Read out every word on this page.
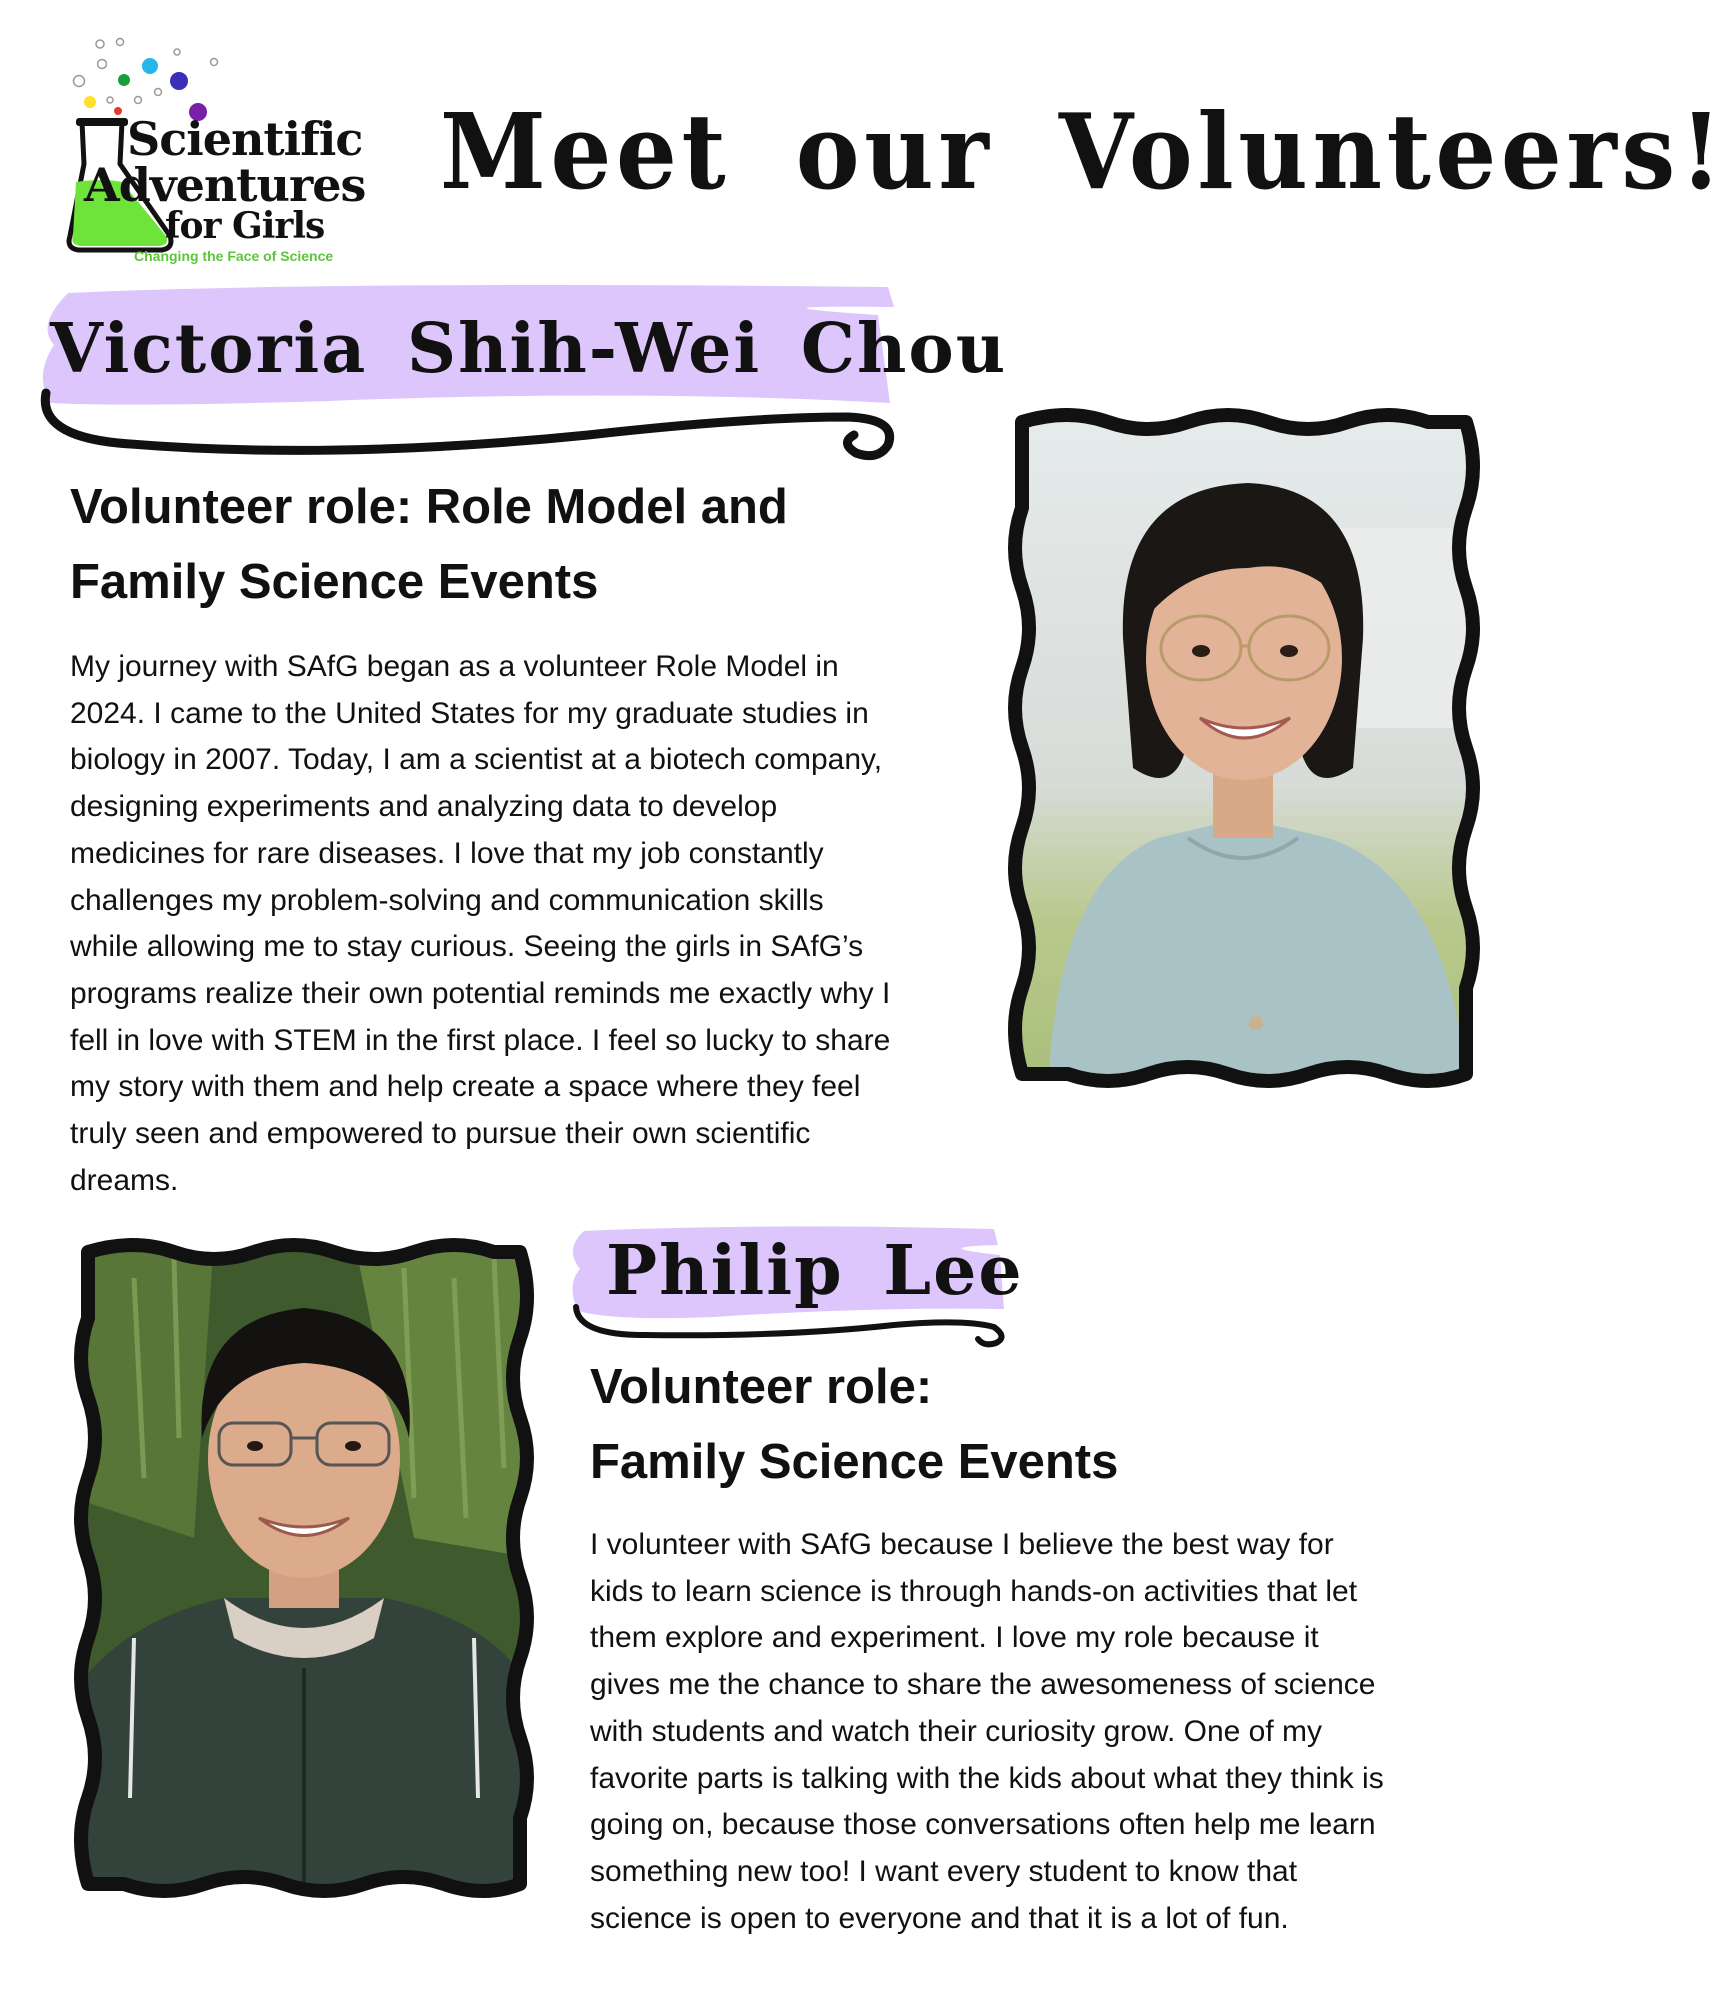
Scientific
Adventures
for Girls
Changing the Face of Science
Meet our Volunteers!
Victoria Shih-Wei Chou
Volunteer role: Role Model and
Family Science Events
My journey with SAfG began as a volunteer Role Model in
2024. I came to the United States for my graduate studies in
biology in 2007. Today, I am a scientist at a biotech company,
designing experiments and analyzing data to develop
medicines for rare diseases. I love that my job constantly
challenges my problem-solving and communication skills
while allowing me to stay curious. Seeing the girls in SAfG’s
programs realize their own potential reminds me exactly why I
fell in love with STEM in the first place. I feel so lucky to share
my story with them and help create a space where they feel
truly seen and empowered to pursue their own scientific
dreams.
Philip Lee
Volunteer role:
Family Science Events
I volunteer with SAfG because I believe the best way for
kids to learn science is through hands-on activities that let
them explore and experiment. I love my role because it
gives me the chance to share the awesomeness of science
with students and watch their curiosity grow. One of my
favorite parts is talking with the kids about what they think is
going on, because those conversations often help me learn
something new too! I want every student to know that
science is open to everyone and that it is a lot of fun.
